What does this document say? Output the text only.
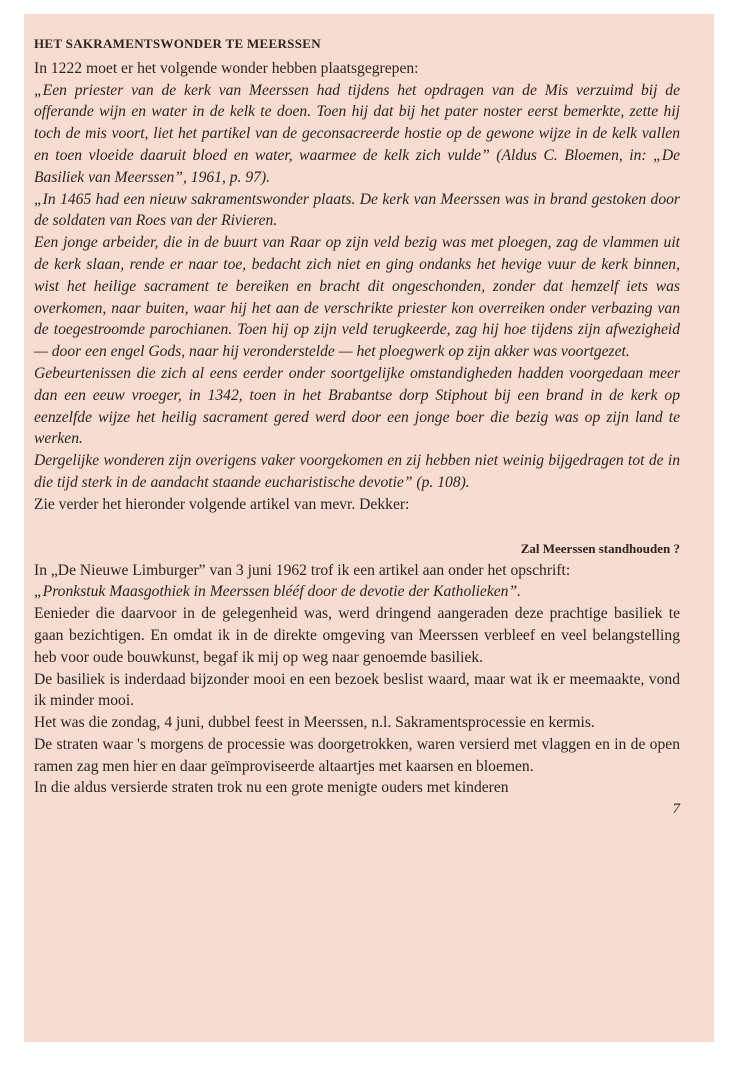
HET SAKRAMENTSWONDER TE MEERSSEN

In 1222 moet er het volgende wonder hebben plaatsgegrepen:

„Een priester van de kerk van Meerssen had tijdens het opdragen van de Mis verzuimd bij de offerande wijn en water in de kelk te doen. Toen hij dat bij het pater noster eerst bemerkte, zette hij toch de mis voort, liet het partikel van de geconsacreerde hostie op de gewone wijze in de kelk vallen en toen vloeide daaruit bloed en water, waarmee de kelk zich vulde” (Aldus C. Bloemen, in: „De Basiliek van Meerssen”, 1961, p. 97).

„In 1465 had een nieuw sakramentswonder plaats. De kerk van Meerssen was in brand gestoken door de soldaten van Roes van der Rivieren.

Een jonge arbeider, die in de buurt van Raar op zijn veld bezig was met ploegen, zag de vlammen uit de kerk slaan, rende er naar toe, bedacht zich niet en ging ondanks het hevige vuur de kerk binnen, wist het heilige sacrament te bereiken en bracht dit ongeschonden, zonder dat hemzelf iets was overkomen, naar buiten, waar hij het aan de verschrikte priester kon overreiken onder verbazing van de toegestroomde parochianen. Toen hij op zijn veld terugkeerde, zag hij hoe tijdens zijn afwezigheid — door een engel Gods, naar hij veronderstelde — het ploegwerk op zijn akker was voortgezet.

Gebeurtenissen die zich al eens eerder onder soortgelijke omstandigheden hadden voorgedaan meer dan een eeuw vroeger, in 1342, toen in het Brabantse dorp Stiphout bij een brand in de kerk op eenzelfde wijze het heilig sacrament gered werd door een jonge boer die bezig was op zijn land te werken.

Dergelijke wonderen zijn overigens vaker voorgekomen en zij hebben niet weinig bijgedragen tot de in die tijd sterk in de aandacht staande eucharistische devotie” (p. 108).

Zie verder het hieronder volgende artikel van mevr. Dekker:

Zal Meerssen standhouden ?

In „De Nieuwe Limburger” van 3 juni 1962 trof ik een artikel aan onder het opschrift:

„Pronkstuk Maasgothiek in Meerssen blééf door de devotie der Katholieken”.

Eenieder die daarvoor in de gelegenheid was, werd dringend aangeraden deze prachtige basiliek te gaan bezichtigen. En omdat ik in de direkte omgeving van Meerssen verbleef en veel belangstelling heb voor oude bouwkunst, begaf ik mij op weg naar genoemde basiliek.

De basiliek is inderdaad bijzonder mooi en een bezoek beslist waard, maar wat ik er meemaakte, vond ik minder mooi.

Het was die zondag, 4 juni, dubbel feest in Meerssen, n.l. Sakramentsprocessie en kermis.

De straten waar 's morgens de processie was doorgetrokken, waren versierd met vlaggen en in de open ramen zag men hier en daar geïmproviseerde altaartjes met kaarsen en bloemen.

In die aldus versierde straten trok nu een grote menigte ouders met kinderen

7
